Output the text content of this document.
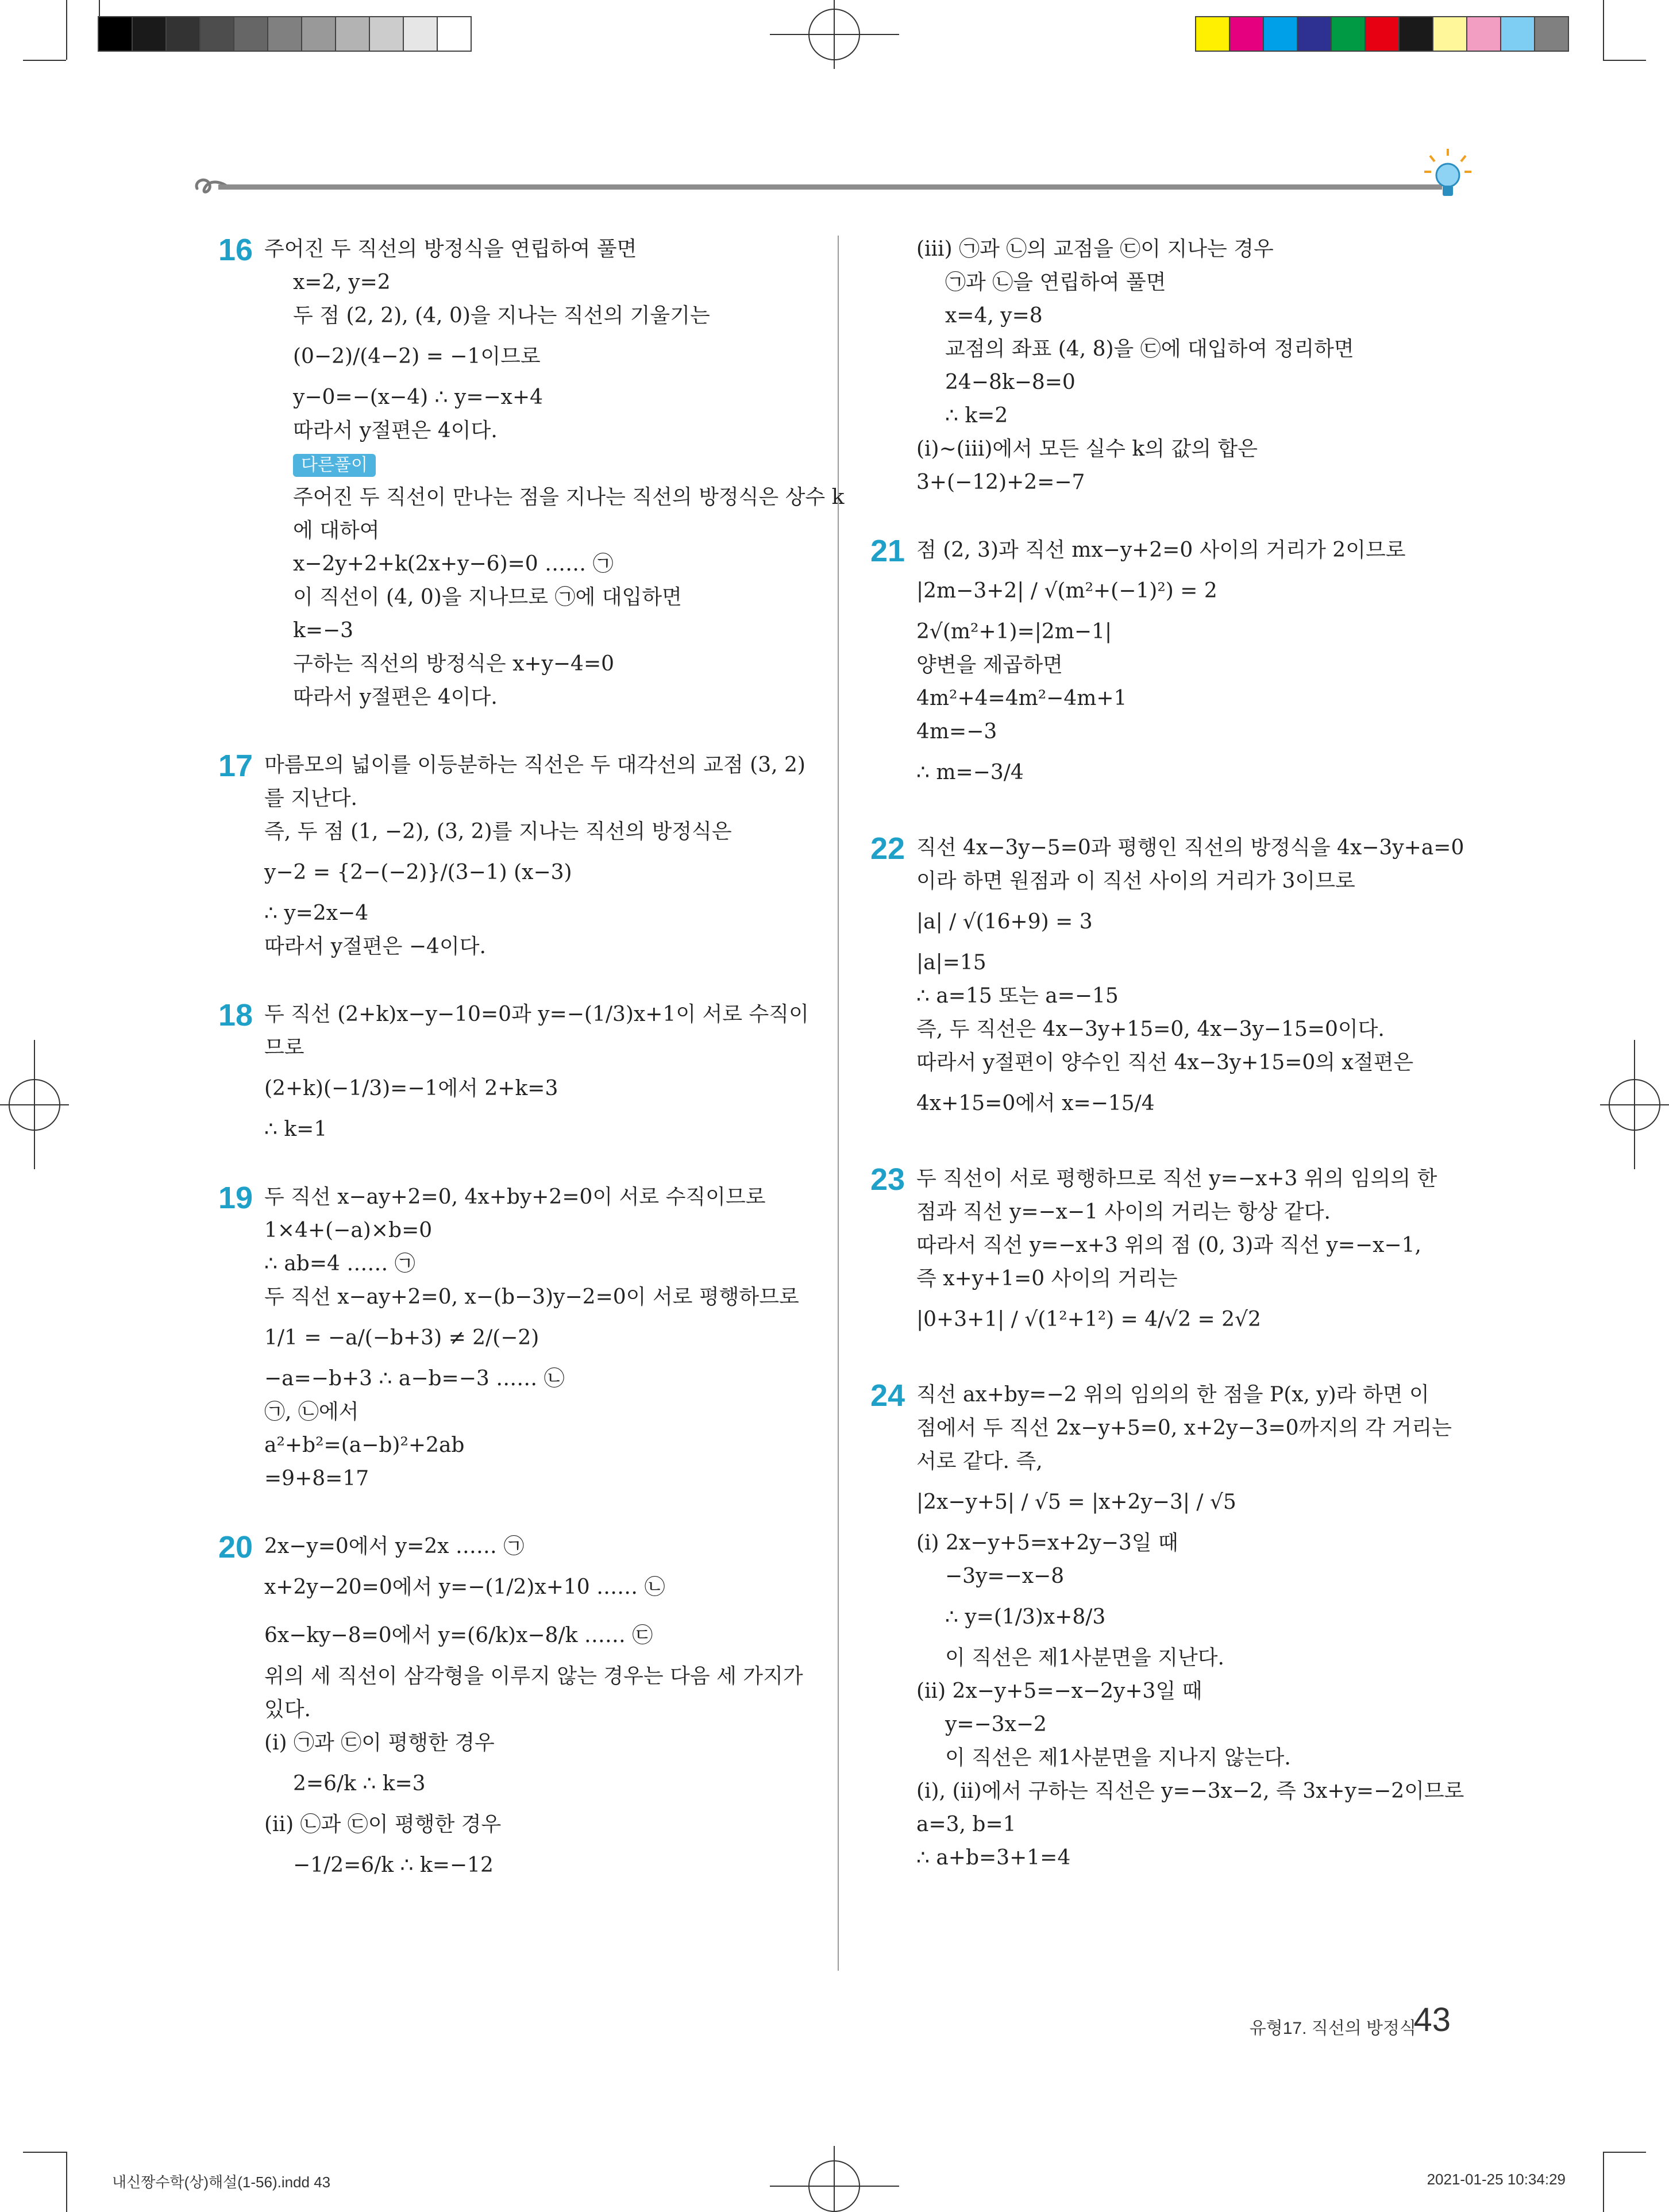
16 주어진 두 직선의 방정식을 연립하여 풀면
x=2, y=2
두 점 (2, 2), (4, 0)을 지나는 직선의 기울기는
(0−2)/(4−2) = −1이므로
y−0=−(x−4) ∴ y=−x+4
따라서 y절편은 4이다.
다른풀이
주어진 두 직선이 만나는 점을 지나는 직선의 방정식은 상수 k
에 대하여
x−2y+2+k(2x+y−6)=0 …… ㉠
이 직선이 (4, 0)을 지나므로 ㉠에 대입하면
k=−3
구하는 직선의 방정식은 x+y−4=0
따라서 y절편은 4이다.
17 마름모의 넓이를 이등분하는 직선은 두 대각선의 교점 (3, 2)
를 지난다.
즉, 두 점 (1, −2), (3, 2)를 지나는 직선의 방정식은
y−2 = {2−(−2)}/(3−1) (x−3)
∴ y=2x−4
따라서 y절편은 −4이다.
18 두 직선 (2+k)x−y−10=0과 y=−(1/3)x+1이 서로 수직이
므로
(2+k)(−1/3)=−1에서 2+k=3
∴ k=1
19 두 직선 x−ay+2=0, 4x+by+2=0이 서로 수직이므로
1×4+(−a)×b=0
∴ ab=4 …… ㉠
두 직선 x−ay+2=0, x−(b−3)y−2=0이 서로 평행하므로
1/1 = −a/(−b+3) ≠ 2/(−2)
−a=−b+3 ∴ a−b=−3 …… ㉡
㉠, ㉡에서
a²+b²=(a−b)²+2ab
=9+8=17
20 2x−y=0에서 y=2x …… ㉠
x+2y−20=0에서 y=−(1/2)x+10 …… ㉡
6x−ky−8=0에서 y=(6/k)x−8/k …… ㉢
위의 세 직선이 삼각형을 이루지 않는 경우는 다음 세 가지가
있다.
(ⅰ) ㉠과 ㉢이 평행한 경우
2=6/k ∴ k=3
(ⅱ) ㉡과 ㉢이 평행한 경우
−1/2=6/k ∴ k=−12
(ⅲ) ㉠과 ㉡의 교점을 ㉢이 지나는 경우
㉠과 ㉡을 연립하여 풀면
x=4, y=8
교점의 좌표 (4, 8)을 ㉢에 대입하여 정리하면
24−8k−8=0
∴ k=2
(ⅰ)~(ⅲ)에서 모든 실수 k의 값의 합은
3+(−12)+2=−7
21 점 (2, 3)과 직선 mx−y+2=0 사이의 거리가 2이므로
|2m−3+2| / √(m²+(−1)²) = 2
2√(m²+1)=|2m−1|
양변을 제곱하면
4m²+4=4m²−4m+1
4m=−3
∴ m=−3/4
22 직선 4x−3y−5=0과 평행인 직선의 방정식을 4x−3y+a=0
이라 하면 원점과 이 직선 사이의 거리가 3이므로
|a| / √(16+9) = 3
|a|=15
∴ a=15 또는 a=−15
즉, 두 직선은 4x−3y+15=0, 4x−3y−15=0이다.
따라서 y절편이 양수인 직선 4x−3y+15=0의 x절편은
4x+15=0에서 x=−15/4
23 두 직선이 서로 평행하므로 직선 y=−x+3 위의 임의의 한
점과 직선 y=−x−1 사이의 거리는 항상 같다.
따라서 직선 y=−x+3 위의 점 (0, 3)과 직선 y=−x−1,
즉 x+y+1=0 사이의 거리는
|0+3+1| / √(1²+1²) = 4/√2 = 2√2
24 직선 ax+by=−2 위의 임의의 한 점을 P(x, y)라 하면 이
점에서 두 직선 2x−y+5=0, x+2y−3=0까지의 각 거리는
서로 같다. 즉,
|2x−y+5| / √5 = |x+2y−3| / √5
(ⅰ) 2x−y+5=x+2y−3일 때
−3y=−x−8
∴ y=(1/3)x+8/3
이 직선은 제1사분면을 지난다.
(ⅱ) 2x−y+5=−x−2y+3일 때
y=−3x−2
이 직선은 제1사분면을 지나지 않는다.
(ⅰ), (ⅱ)에서 구하는 직선은 y=−3x−2, 즉 3x+y=−2이므로
a=3, b=1
∴ a+b=3+1=4
유형17. 직선의 방정식
43
내신짱수학(상)해설(1-56).indd 43	2021-01-25 10:34:29
